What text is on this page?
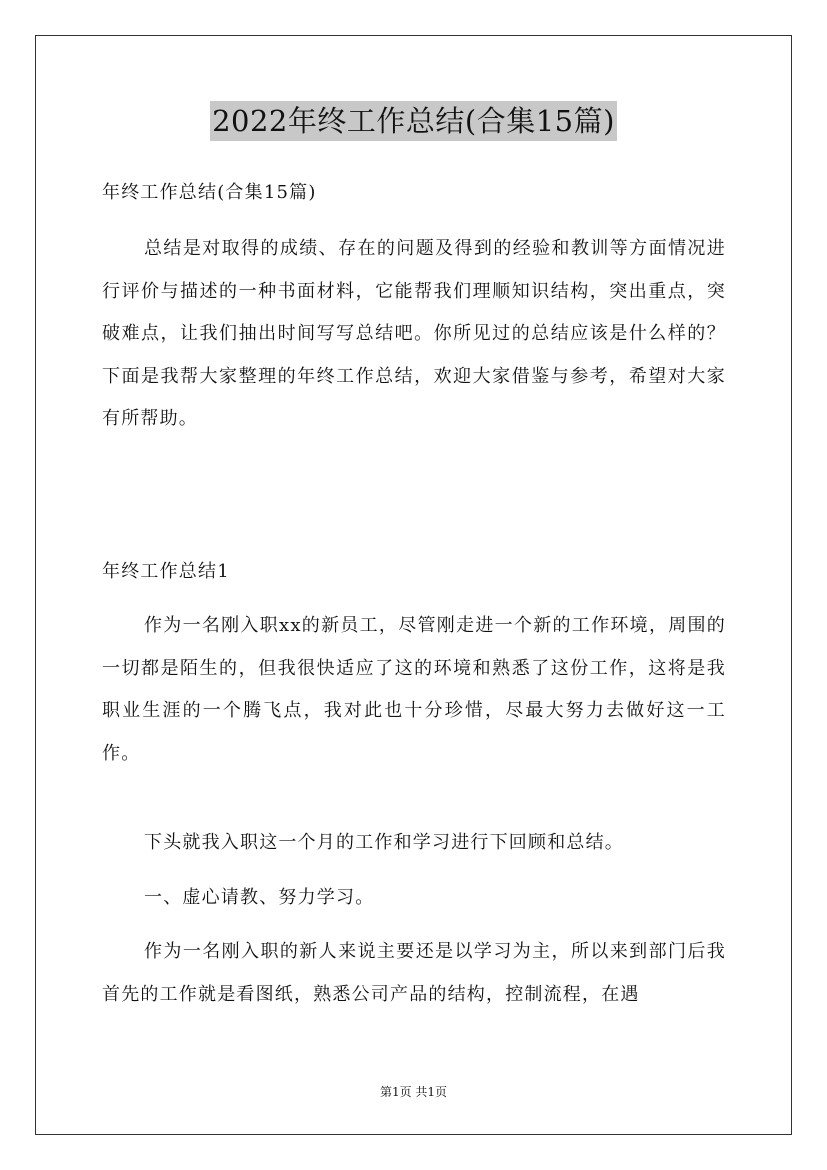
2022年终工作总结(合集15篇)

年终工作总结(合集15篇)

总结是对取得的成绩、存在的问题及得到的经验和教训等方面情况进行评价与描述的一种书面材料，它能帮我们理顺知识结构，突出重点，突破难点，让我们抽出时间写写总结吧。你所见过的总结应该是什么样的？下面是我帮大家整理的年终工作总结，欢迎大家借鉴与参考，希望对大家有所帮助。

年终工作总结1

作为一名刚入职xx的新员工，尽管刚走进一个新的工作环境，周围的一切都是陌生的，但我很快适应了这的环境和熟悉了这份工作，这将是我职业生涯的一个腾飞点，我对此也十分珍惜，尽最大努力去做好这一工作。

下头就我入职这一个月的工作和学习进行下回顾和总结。

一、虚心请教、努力学习。

作为一名刚入职的新人来说主要还是以学习为主，所以来到部门后我首先的工作就是看图纸，熟悉公司产品的结构，控制流程，在遇

第1页 共1页
